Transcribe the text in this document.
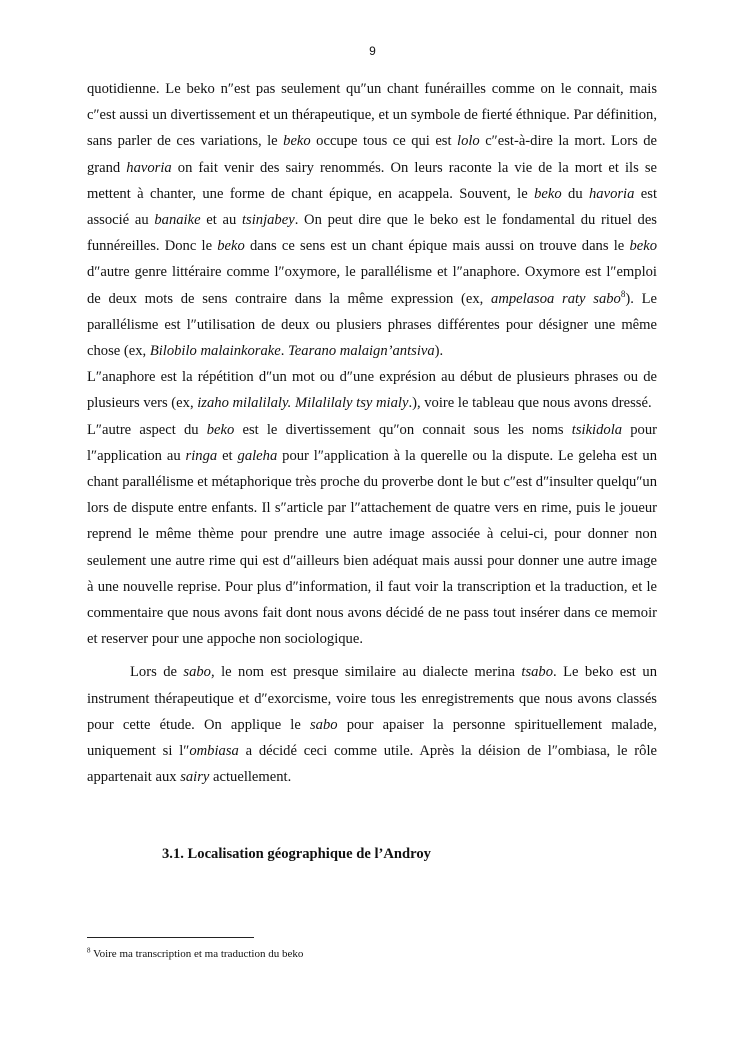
9

quotidienne. Le beko n″est pas seulement qu″un chant funérailles comme on le connait, mais c″est aussi un divertissement et un thérapeutique, et un symbole de fierté éthnique. Par définition, sans parler de ces variations, le beko occupe tous ce qui est lolo c″est-à-dire la mort. Lors de grand havoria on fait venir des sairy renommés. On leurs raconte la vie de la mort et ils se mettent à chanter, une forme de chant épique, en acappela. Souvent, le beko du havoria est associé au banaike et au tsinjabey. On peut dire que le beko est le fondamental du rituel des funnéreilles. Donc le beko dans ce sens est un chant épique mais aussi on trouve dans le beko d″autre genre littéraire comme l″oxymore, le parallélisme et l″anaphore. Oxymore est l″emploi de deux mots de sens contraire dans la même expression (ex, ampelasoa raty sabo$^8$). Le parallélisme est l″utilisation de deux ou plusiers phrases différentes pour désigner une même chose (ex, Bilobilo malainkorake. Tearano malaign’antsiva).

L″anaphore est la répétition d″un mot ou d″une exprésion au début de plusieurs phrases ou de plusieurs vers (ex, izaho milalilaly. Milalilaly tsy mialy.), voire le tableau que nous avons dressé.

L″autre aspect du beko est le divertissement qu″on connait sous les noms tsikidola pour l″application au ringa et galeha pour l″application à la querelle ou la dispute. Le geleha est un chant parallélisme et métaphorique très proche du proverbe dont le but c″est d″insulter quelqu″un lors de dispute entre enfants. Il s″article par l″attachement de quatre vers en rime, puis le joueur reprend le même thème pour prendre une autre image associée à celui-ci, pour donner non seulement une autre rime qui est d″ailleurs bien adéquat mais aussi pour donner une autre image à une nouvelle reprise. Pour plus d″information, il faut voir la transcription et la traduction, et le commentaire que nous avons fait dont nous avons décidé de ne pass tout insérer dans ce memoir et reserver pour une appoche non sociologique.

Lors de sabo, le nom est presque similaire au dialecte merina tsabo. Le beko est un instrument thérapeutique et d″exorcisme, voire tous les enregistrements que nous avons classés pour cette étude. On applique le sabo pour apaiser la personne spirituellement malade, uniquement si l″ombiasa a décidé ceci comme utile. Après la déision de l″ombiasa, le rôle appartenait aux sairy actuellement.

3.1. Localisation géographique de l’Androy
$^8$ Voire ma transcription et ma traduction du beko
